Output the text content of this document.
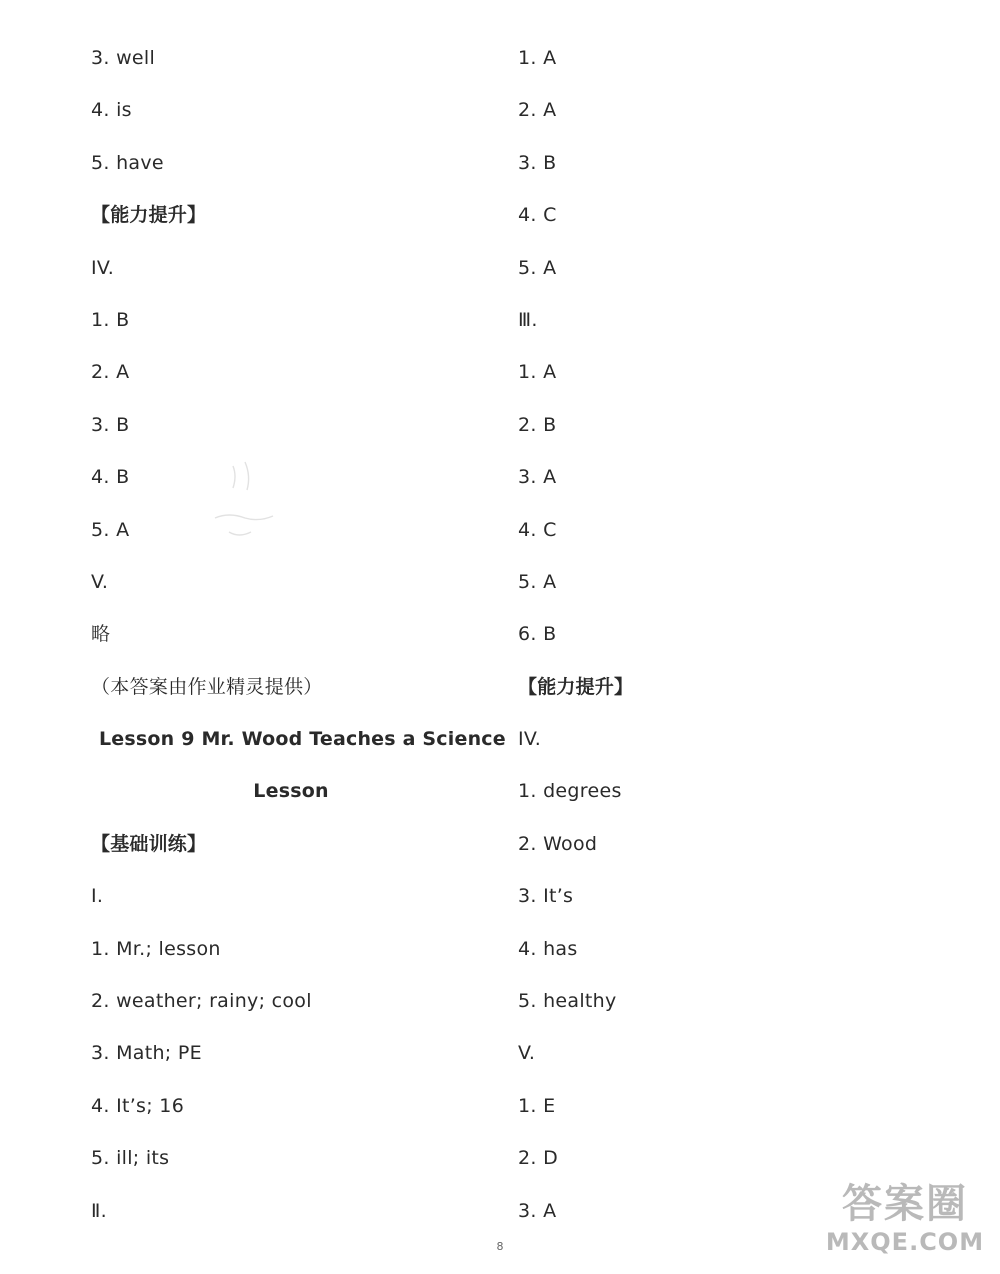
3. well
4. is
5. have
【能力提升】
IV.
1. B
2. A
3. B
4. B
5. A
V.
略
（本答案由作业精灵提供）
Lesson 9 Mr. Wood Teaches a Science
Lesson
【基础训练】
Ⅰ.
1. Mr.; lesson
2. weather; rainy; cool
3. Math; PE
4. It’s; 16
5. ill; its
Ⅱ.
1. A
2. A
3. B
4. C
5. A
Ⅲ.
1. A
2. B
3. A
4. C
5. A
6. B
【能力提升】
IV.
1. degrees
2. Wood
3. It’s
4. has
5. healthy
V.
1. E
2. D
3. A
8
答案圈
MXQE.COM
